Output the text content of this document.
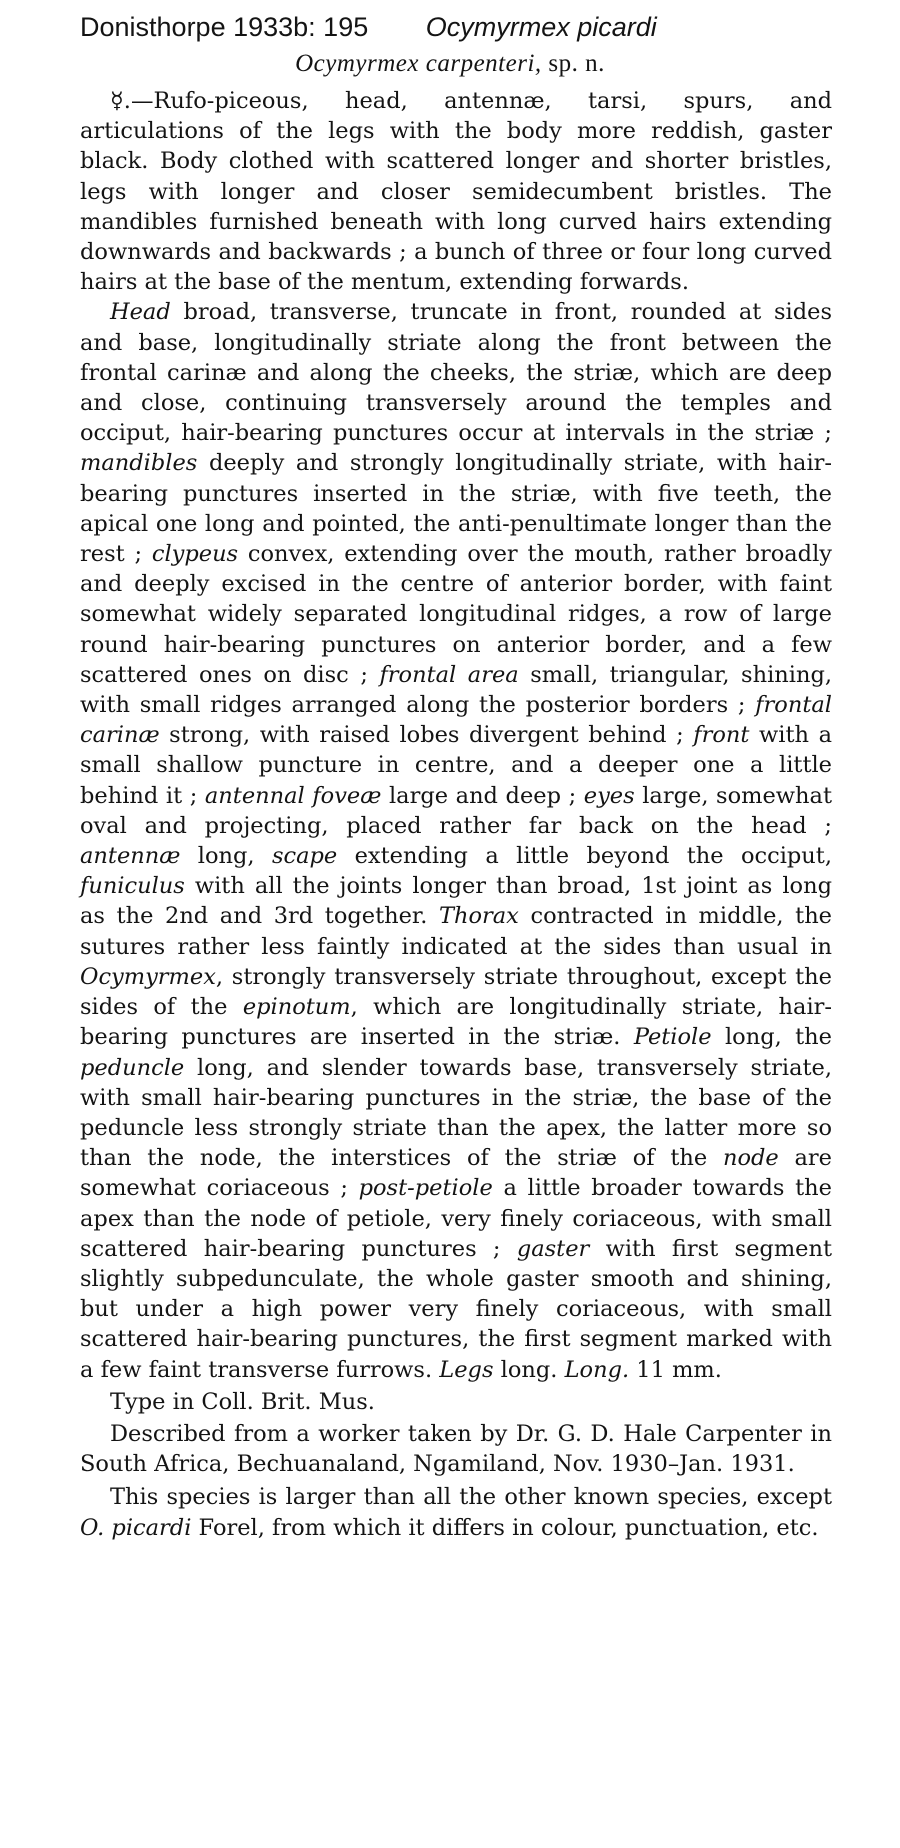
Donisthorpe 1933b: 195 Ocymyrmex picardi
Ocymyrmex carpenteri, sp. n.

☿.—Rufo-piceous, head, antennæ, tarsi, spurs, and articulations of the legs with the body more reddish, gaster black. Body clothed with scattered longer and shorter bristles, legs with longer and closer semidecumbent bristles. The mandibles furnished beneath with long curved hairs extending downwards and backwards ; a bunch of three or four long curved hairs at the base of the mentum, extending forwards.

Head broad, transverse, truncate in front, rounded at sides and base, longitudinally striate along the front between the frontal carinæ and along the cheeks, the striæ, which are deep and close, continuing transversely around the temples and occiput, hair-bearing punctures occur at intervals in the striæ ; mandibles deeply and strongly longitudinally striate, with hair-bearing punctures inserted in the striæ, with five teeth, the apical one long and pointed, the anti-penultimate longer than the rest ; clypeus convex, extending over the mouth, rather broadly and deeply excised in the centre of anterior border, with faint somewhat widely separated longitudinal ridges, a row of large round hair-bearing punctures on anterior border, and a few scattered ones on disc ; frontal area small, triangular, shining, with small ridges arranged along the posterior borders ; frontal carinæ strong, with raised lobes divergent behind ; front with a small shallow puncture in centre, and a deeper one a little behind it ; antennal foveæ large and deep ; eyes large, somewhat oval and projecting, placed rather far back on the head ; antennæ long, scape extending a little beyond the occiput, funiculus with all the joints longer than broad, 1st joint as long as the 2nd and 3rd together. Thorax contracted in middle, the sutures rather less faintly indicated at the sides than usual in Ocymyrmex, strongly transversely striate throughout, except the sides of the epinotum, which are longitudinally striate, hair-bearing punctures are inserted in the striæ. Petiole long, the peduncle long, and slender towards base, transversely striate, with small hair-bearing punctures in the striæ, the base of the peduncle less strongly striate than the apex, the latter more so than the node, the interstices of the striæ of the node are somewhat coriaceous ; post-petiole a little broader towards the apex than the node of petiole, very finely coriaceous, with small scattered hair-bearing punctures ; gaster with first segment slightly subpedunculate, the whole gaster smooth and shining, but under a high power very finely coriaceous, with small scattered hair-bearing punctures, the first segment marked with a few faint transverse furrows. Legs long. Long. 11 mm.

Type in Coll. Brit. Mus.

Described from a worker taken by Dr. G. D. Hale Carpenter in South Africa, Bechuanaland, Ngamiland, Nov. 1930–Jan. 1931.

This species is larger than all the other known species, except O. picardi Forel, from which it differs in colour, punctuation, etc.
